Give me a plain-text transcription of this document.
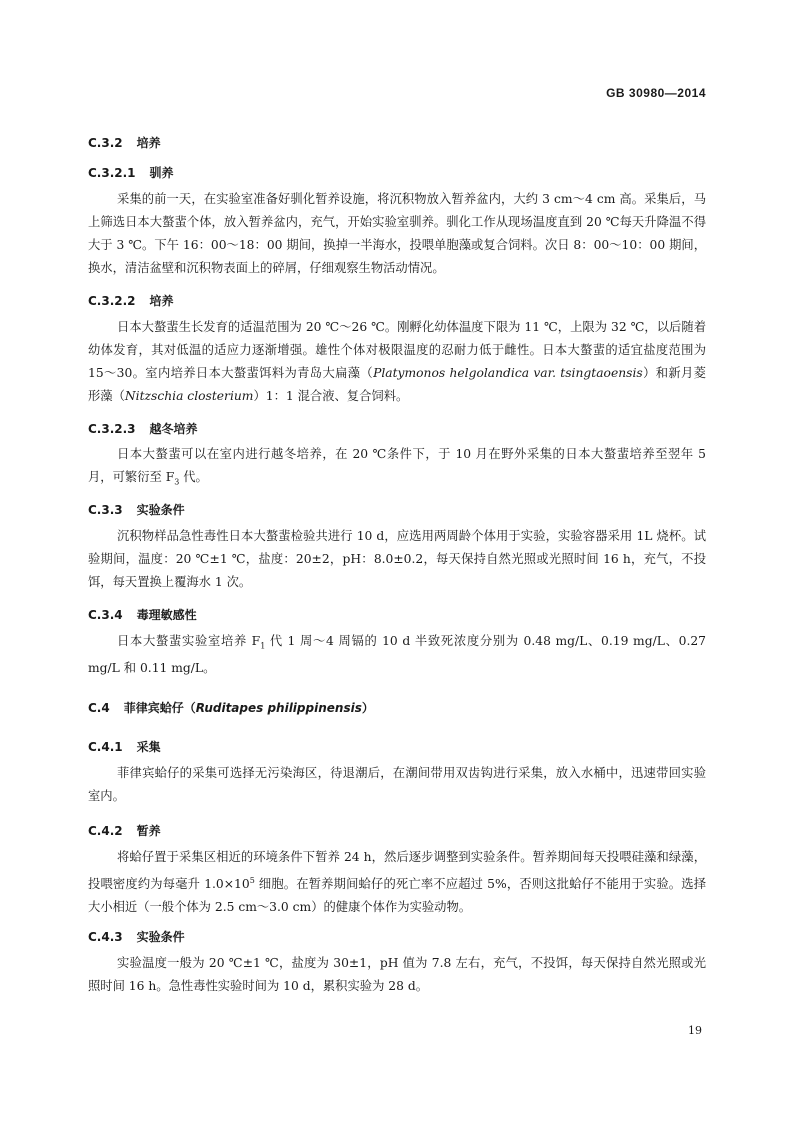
GB 30980—2014
C.3.2 培养
C.3.2.1 驯养
采集的前一天，在实验室准备好驯化暂养设施，将沉积物放入暂养盆内，大约 3 cm～4 cm 高。采集后，马上筛选日本大螯蜚个体，放入暂养盆内，充气，开始实验室驯养。驯化工作从现场温度直到 20 ℃每天升降温不得大于 3 ℃。下午 16：00～18：00 期间，换掉一半海水，投喂单胞藻或复合饲料。次日 8：00～10：00 期间，换水，清洁盆壁和沉积物表面上的碎屑，仔细观察生物活动情况。
C.3.2.2 培养
日本大螯蜚生长发育的适温范围为 20 ℃～26 ℃。刚孵化幼体温度下限为 11 ℃，上限为 32 ℃，以后随着幼体发育，其对低温的适应力逐渐增强。雄性个体对极限温度的忍耐力低于雌性。日本大螯蜚的适宜盐度范围为 15～30。室内培养日本大螯蜚饵料为青岛大扁藻（Platymonos helgolandica var. tsingtaoensis）和新月菱形藻（Nitzschia closterium）1：1 混合液、复合饲料。
C.3.2.3 越冬培养
日本大螯蜚可以在室内进行越冬培养，在 20 ℃条件下，于 10 月在野外采集的日本大螯蜚培养至翌年 5 月，可繁衍至 $F_3$ 代。
C.3.3 实验条件
沉积物样品急性毒性日本大螯蜚检验共进行 10 d，应选用两周龄个体用于实验，实验容器采用 1L 烧杯。试验期间，温度：20 ℃±1 ℃，盐度：20±2，pH：8.0±0.2，每天保持自然光照或光照时间 16 h，充气，不投饵，每天置换上覆海水 1 次。
C.3.4 毒理敏感性
日本大螯蜚实验室培养 $F_1$ 代 1 周～4 周镉的 10 d 半致死浓度分别为 0.48 mg/L、0.19 mg/L、0.27 mg/L 和 0.11 mg/L。
C.4 菲律宾蛤仔（Ruditapes philippinensis）
C.4.1 采集
菲律宾蛤仔的采集可选择无污染海区，待退潮后，在潮间带用双齿钩进行采集，放入水桶中，迅速带回实验室内。
C.4.2 暂养
将蛤仔置于采集区相近的环境条件下暂养 24 h，然后逐步调整到实验条件。暂养期间每天投喂硅藻和绿藻，投喂密度约为每毫升 $1.0\times 10^5$ 细胞。在暂养期间蛤仔的死亡率不应超过 5%，否则这批蛤仔不能用于实验。选择大小相近（一般个体为 2.5 cm～3.0 cm）的健康个体作为实验动物。
C.4.3 实验条件
实验温度一般为 20 ℃±1 ℃，盐度为 30±1，pH 值为 7.8 左右，充气，不投饵，每天保持自然光照或光照时间 16 h。急性毒性实验时间为 10 d，累积实验为 28 d。
19
